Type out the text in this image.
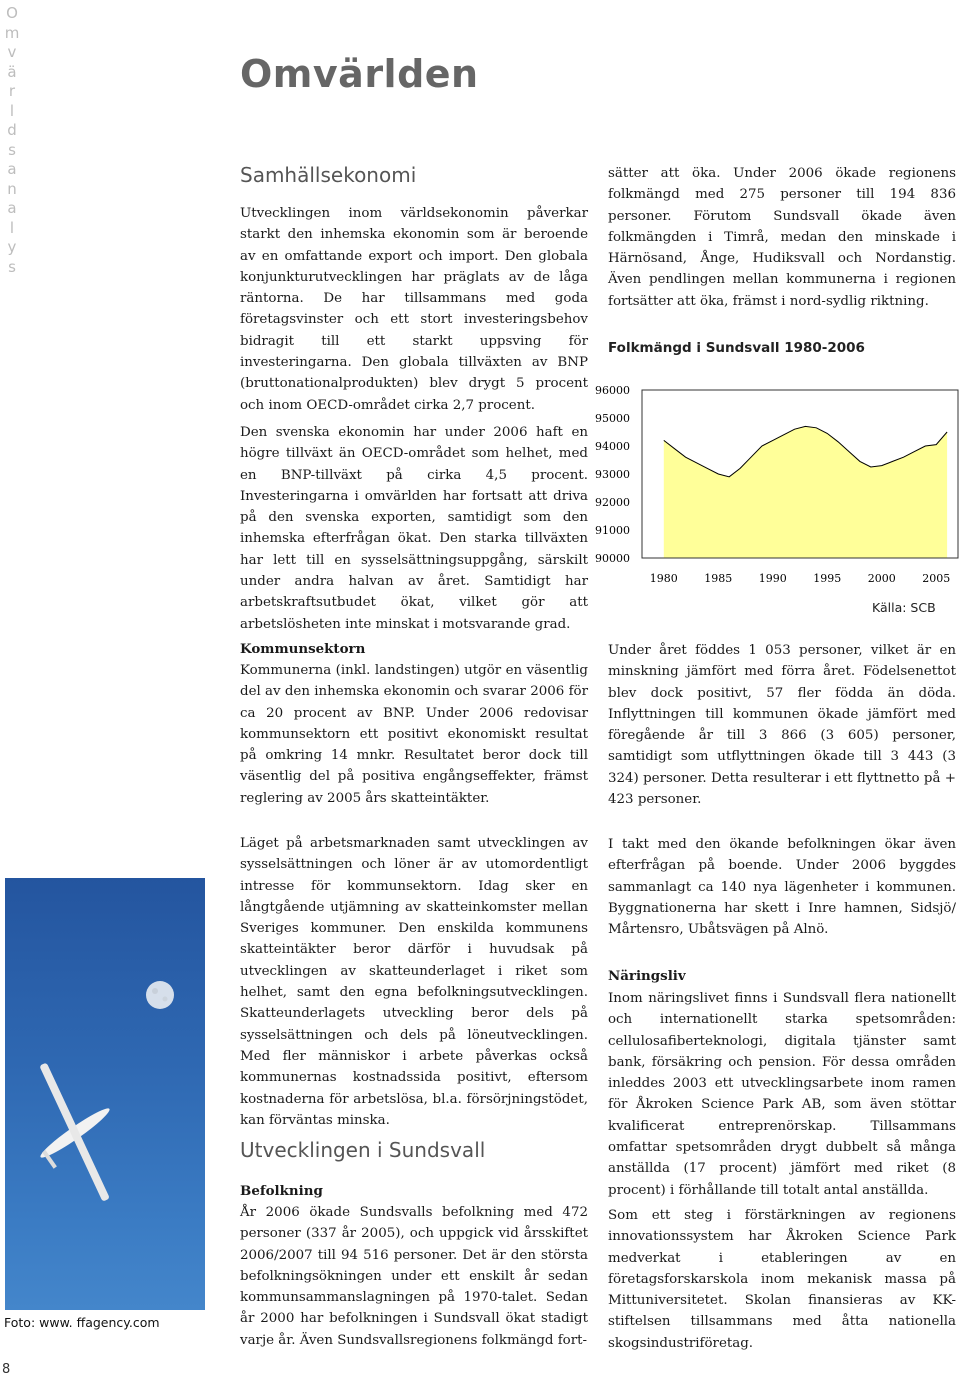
O
m
v
ä
r
l
d
s
a
n
a
l
y
s
Omvärlden
Samhällsekonomi

Utvecklingen inom världsekonomin påverkar starkt den inhemska ekonomin som är beroende av en omfattande export och import. Den globala konjunkturutvecklingen har präglats av de låga räntorna. De har tillsammans med goda företagsvinster och ett stort investeringsbehov bidragit till ett starkt uppsving för investeringarna. Den globala tillväxten av BNP (bruttonationalprodukten) blev drygt 5 procent och inom OECD-området cirka 2,7 procent.

Den svenska ekonomin har under 2006 haft en högre tillväxt än OECD-området som helhet, med en BNP-tillväxt på cirka 4,5 procent. Investeringarna i omvärlden har fortsatt att driva på den svenska exporten, samtidigt som den inhemska efterfrågan ökat. Den starka tillväxten har lett till en sysselsättningsuppgång, särskilt under andra halvan av året. Samtidigt har arbetskraftsutbudet ökat, vilket gör att arbetslösheten inte minskat i motsvarande grad.

Kommunsektorn

Kommunerna (inkl. landstingen) utgör en väsentlig del av den inhemska ekonomin och svarar 2006 för ca 20 procent av BNP. Under 2006 redovisar kommunsektorn ett positivt ekonomiskt resultat på omkring 14 mnkr. Resultatet beror dock till väsentlig del på positiva engångseffekter, främst reglering av 2005 års skatteintäkter.

Läget på arbetsmarknaden samt utvecklingen av sysselsättningen och löner är av utomordentligt intresse för kommunsektorn. Idag sker en långtgående utjämning av skatteinkomster mellan Sveriges kommuner. Den enskilda kommunens skatteintäkter beror därför i huvudsak på utvecklingen av skatteunderlaget i riket som helhet, samt den egna befolkningsutvecklingen. Skatteunderlagets utveckling beror dels på sysselsättningen och dels på löneutvecklingen. Med fler människor i arbete påverkas också kommunernas kostnadssida positivt, eftersom kostnaderna för arbetslösa, bl.a. försörjningstödet, kan förväntas minska.

Utvecklingen i Sundsvall
Befolkning

År 2006 ökade Sundsvalls befolkning med 472 personer (337 år 2005), och uppgick vid årsskiftet 2006/2007 till 94 516 personer. Det är den största befolkningsökningen under ett enskilt år sedan kommunsammanslagningen på 1970-talet. Sedan år 2000 har befolkningen i Sundsvall ökat stadigt varje år. Även Sundsvallsregionens folkmängd fort-

sätter att öka. Under 2006 ökade regionens folkmängd med 275 personer till 194 836 personer. Förutom Sundsvall ökade även folkmängden i Timrå, medan den minskade i Härnösand, Ånge, Hudiksvall och Nordanstig. Även pendlingen mellan kommunerna i regionen fortsätter att öka, främst i nord-sydlig riktning.

Folkmängd i Sundsvall 1980-2006
90000
91000
92000
93000
94000
95000
96000
1980 1985 1990 1995 2000 2005
Källa: SCB

Under året föddes 1 053 personer, vilket är en minskning jämfört med förra året. Födelsenettot blev dock positivt, 57 fler födda än döda. Inflyttningen till kommunen ökade jämfört med föregående år till 3 866 (3 605) personer, samtidigt som utflyttningen ökade till 3 443 (3 324) personer. Detta resulterar i ett flyttnetto på + 423 personer.

I takt med den ökande befolkningen ökar även efterfrågan på boende. Under 2006 byggdes sammanlagt ca 140 nya lägenheter i kommunen. Byggnationerna har skett i Inre hamnen, Sidsjö/ Mårtensro, Ubåtsvägen på Alnö.

Näringsliv

Inom näringslivet finns i Sundsvall flera nationellt och internationellt starka spetsområden: cellulosafiberteknologi, digitala tjänster samt bank, försäkring och pension. För dessa områden inleddes 2003 ett utvecklingsarbete inom ramen för Åkroken Science Park AB, som även stöttar kvalificerat entreprenörskap. Tillsammans omfattar spetsområden drygt dubbelt så många anställda (17 procent) jämfört med riket (8 procent) i förhållande till totalt antal anställda.

Som ett steg i förstärkningen av regionens innovationssystem har Åkroken Science Park medverkat i etableringen av en företagsforskarskola inom mekanisk massa på Mittuniversitetet. Skolan finansieras av KK-stiftelsen tillsammans med åtta nationella skogsindustriföretag.

Foto: www. ffagency.com
8
